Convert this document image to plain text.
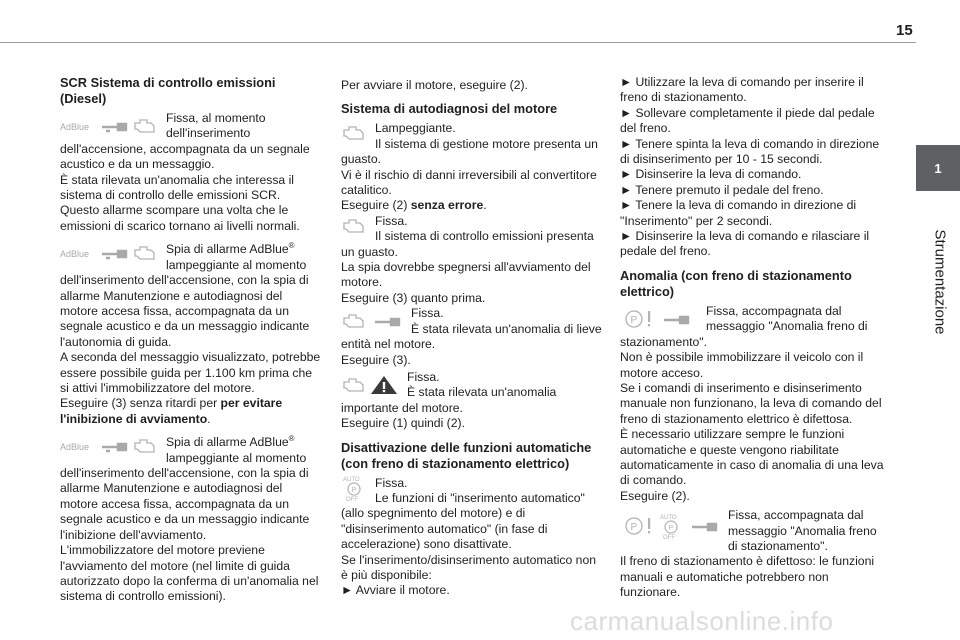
15
1
Strumentazione
SCR Sistema di controllo emissioni (Diesel)
AdBlue

Fissa, al momento dell'inserimento dell'accensione, accompagnata da un segnale acustico e da un messaggio.

È stata rilevata un'anomalia che interessa il sistema di controllo delle emissioni SCR.

Questo allarme scompare una volta che le emissioni di scarico tornano ai livelli normali.

AdBlue	Spia di allarme AdBlue® lampeggiante al momento dell'inserimento dell'accensione, con la spia di allarme Manutenzione e autodiagnosi del motore accesa fissa, accompagnata da un segnale acustico e da un messaggio indicante l'autonomia di guida.

A seconda del messaggio visualizzato, potrebbe essere possibile guida per 1.100 km prima che si attivi l'immobilizzatore del motore.

Eseguire (3) senza ritardi per per evitare l'inibizione di avviamento.

AdBlue	Spia di allarme AdBlue® lampeggiante al momento dell'inserimento dell'accensione, con la spia di allarme Manutenzione e autodiagnosi del motore accesa fissa, accompagnata da un segnale acustico e da un messaggio indicante l'inibizione dell'avviamento.

L'immobilizzatore del motore previene l'avviamento del motore (nel limite di guida autorizzato dopo la conferma di un'anomalia nel sistema di controllo emissioni).

Per avviare il motore, eseguire (2).

Sistema di autodiagnosi del motore

Lampeggiante.

Il sistema di gestione motore presenta un guasto.

Vi è il rischio di danni irreversibili al convertitore catalitico.

Eseguire (2) senza errore.

Fissa.

Il sistema di controllo emissioni presenta un guasto.

La spia dovrebbe spegnersi all'avviamento del motore.

Eseguire (3) quanto prima.

Fissa.

È stata rilevata un'anomalia di lieve entità nel motore.

Eseguire (3).

Fissa.

È stata rilevata un'anomalia importante del motore.

Eseguire (1) quindi (2).

Disattivazione delle funzioni automatiche (con freno di stazionamento elettrico)
AUTO
P
OFF

Fissa.

Le funzioni di "inserimento automatico" (allo spegnimento del motore) e di "disinserimento automatico" (in fase di accelerazione) sono disattivate.

Se l'inserimento/disinserimento automatico non è più disponibile:

► Avviare il motore.

► Utilizzare la leva di comando per inserire il freno di stazionamento.

► Sollevare completamente il piede dal pedale del freno.

► Tenere spinta la leva di comando in direzione di disinserimento per 10 - 15 secondi.

► Disinserire la leva di comando.

► Tenere premuto il pedale del freno.

► Tenere la leva di comando in direzione di "Inserimento" per 2 secondi.

► Disinserire la leva di comando e rilasciare il pedale del freno.

Anomalia (con freno di stazionamento elettrico)
P

Fissa, accompagnata dal messaggio "Anomalia freno di stazionamento".

Non è possibile immobilizzare il veicolo con il motore acceso.

Se i comandi di inserimento e disinserimento manuale non funzionano, la leva di comando del freno di stazionamento elettrico è difettosa.

È necessario utilizzare sempre le funzioni automatiche e queste vengono riabilitate automaticamente in caso di anomalia di una leva di comando.

Eseguire (2).

P
AUTO
P
OFF

Fissa, accompagnata dal messaggio "Anomalia freno di stazionamento".

Il freno di stazionamento è difettoso: le funzioni manuali e automatiche potrebbero non funzionare.

carmanualsonline.info
